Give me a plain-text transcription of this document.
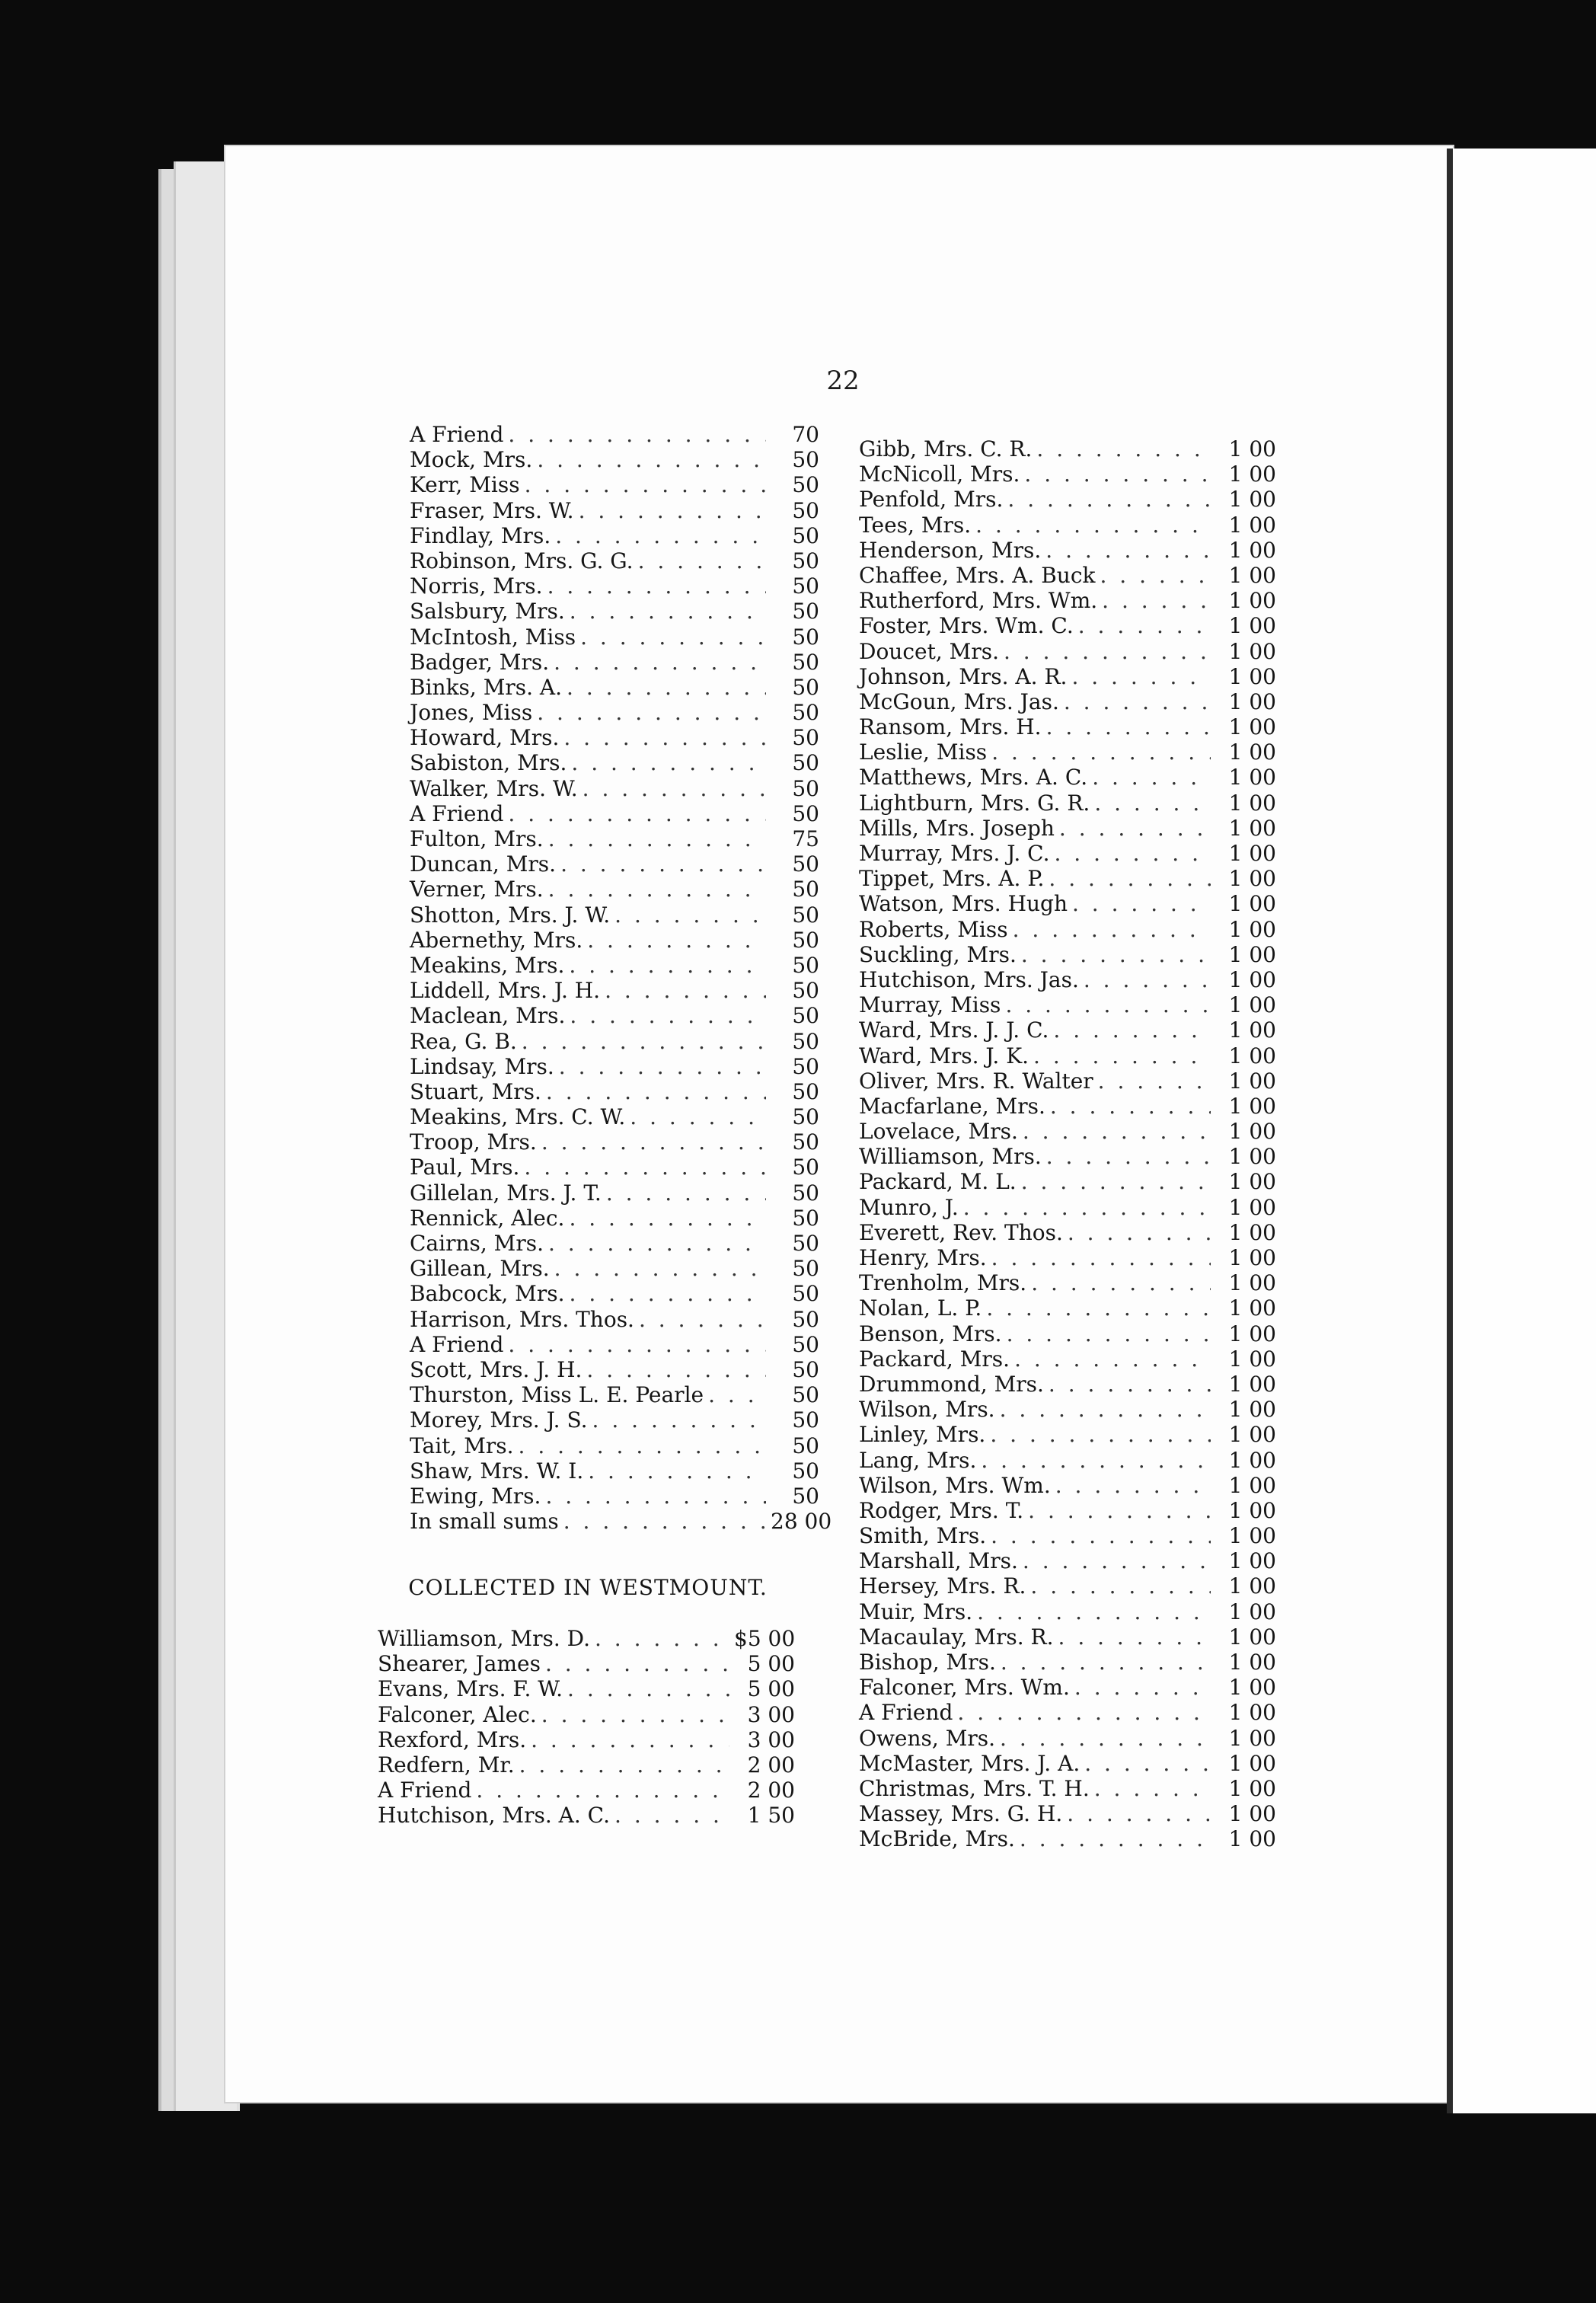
22
A Friend . . .	70
Mock, Mrs. . . .	50
Kerr, Miss . . .	50
Fraser, Mrs. W. . . .	50
Findlay, Mrs. . . .	50
Robinson, Mrs. G. G. . . .	50
Norris, Mrs. . . .	50
Salsbury, Mrs. . . .	50
McIntosh, Miss . . .	50
Badger, Mrs. . . .	50
Binks, Mrs. A. . . .	50
Jones, Miss . . .	50
Howard, Mrs. . . .	50
Sabiston, Mrs. . . .	50
Walker, Mrs. W. . . .	50
A Friend . . .	50
Fulton, Mrs. . . .	75
Duncan, Mrs. . . .	50
Verner, Mrs. . . .	50
Shotton, Mrs. J. W. . . .	50
Abernethy, Mrs. . . .	50
Meakins, Mrs. . . .	50
Liddell, Mrs. J. H. . . .	50
Maclean, Mrs. . . .	50
Rea, G. B. . . .	50
Lindsay, Mrs. . . .	50
Stuart, Mrs. . . .	50
Meakins, Mrs. C. W. . . .	50
Troop, Mrs. . . .	50
Paul, Mrs. . . .	50
Gillelan, Mrs. J. T. . . .	50
Rennick, Alec. . . .	50
Cairns, Mrs. . . .	50
Gillean, Mrs. . . .	50
Babcock, Mrs. . . .	50
Harrison, Mrs. Thos. . . .	50
A Friend . . .	50
Scott, Mrs. J. H. . . .	50
Thurston, Miss L. E. Pearle . . .	50
Morey, Mrs. J. S. . . .	50
Tait, Mrs. . . .	50
Shaw, Mrs. W. I. . . .	50
Ewing, Mrs. . . .	50
In small sums . . .	28 00
Gibb, Mrs. C. R. . . .	1 00
McNicoll, Mrs. . . .	1 00
Penfold, Mrs. . . .	1 00
Tees, Mrs. . . .	1 00
Henderson, Mrs. . . .	1 00
Chaffee, Mrs. A. Buck . . .	1 00
Rutherford, Mrs. Wm. . . .	1 00
Foster, Mrs. Wm. C. . . .	1 00
Doucet, Mrs. . . .	1 00
Johnson, Mrs. A. R. . . .	1 00
McGoun, Mrs. Jas. . . .	1 00
Ransom, Mrs. H. . . .	1 00
Leslie, Miss . . .	1 00
Matthews, Mrs. A. C. . . .	1 00
Lightburn, Mrs. G. R. . . .	1 00
Mills, Mrs. Joseph . . .	1 00
Murray, Mrs. J. C. . . .	1 00
Tippet, Mrs. A. P. . . .	1 00
Watson, Mrs. Hugh . . .	1 00
Roberts, Miss . . .	1 00
Suckling, Mrs. . . .	1 00
Hutchison, Mrs. Jas. . . .	1 00
Murray, Miss . . .	1 00
Ward, Mrs. J. J. C. . . .	1 00
Ward, Mrs. J. K. . . .	1 00
Oliver, Mrs. R. Walter . . .	1 00
Macfarlane, Mrs. . . .	1 00
Lovelace, Mrs. . . .	1 00
Williamson, Mrs. . . .	1 00
Packard, M. L. . . .	1 00
Munro, J. . . .	1 00
Everett, Rev. Thos. . . .	1 00
Henry, Mrs. . . .	1 00
Trenholm, Mrs. . . .	1 00
Nolan, L. P. . . .	1 00
Benson, Mrs. . . .	1 00
Packard, Mrs. . . .	1 00
Drummond, Mrs. . . .	1 00
Wilson, Mrs. . . .	1 00
Linley, Mrs. . . .	1 00
Lang, Mrs. . . .	1 00
Wilson, Mrs. Wm. . . .	1 00
Rodger, Mrs. T. . . .	1 00
Smith, Mrs. . . .	1 00
Marshall, Mrs. . . .	1 00
Hersey, Mrs. R. . . .	1 00
Muir, Mrs. . . .	1 00
Macaulay, Mrs. R. . . .	1 00
Bishop, Mrs. . . .	1 00
Falconer, Mrs. Wm. . . .	1 00
A Friend . . .	1 00
Owens, Mrs. . . .	1 00
McMaster, Mrs. J. A. . . .	1 00
Christmas, Mrs. T. H. . . .	1 00
Massey, Mrs. G. H. . . .	1 00
McBride, Mrs. . . .	1 00
COLLECTED IN WESTMOUNT.
Williamson, Mrs. D. . . .	$5 00
Shearer, James . . .	5 00
Evans, Mrs. F. W. . . .	5 00
Falconer, Alec. . . .	3 00
Rexford, Mrs. . . .	3 00
Redfern, Mr. . . .	2 00
A Friend . . .	2 00
Hutchison, Mrs. A. C. . . .	1 50
